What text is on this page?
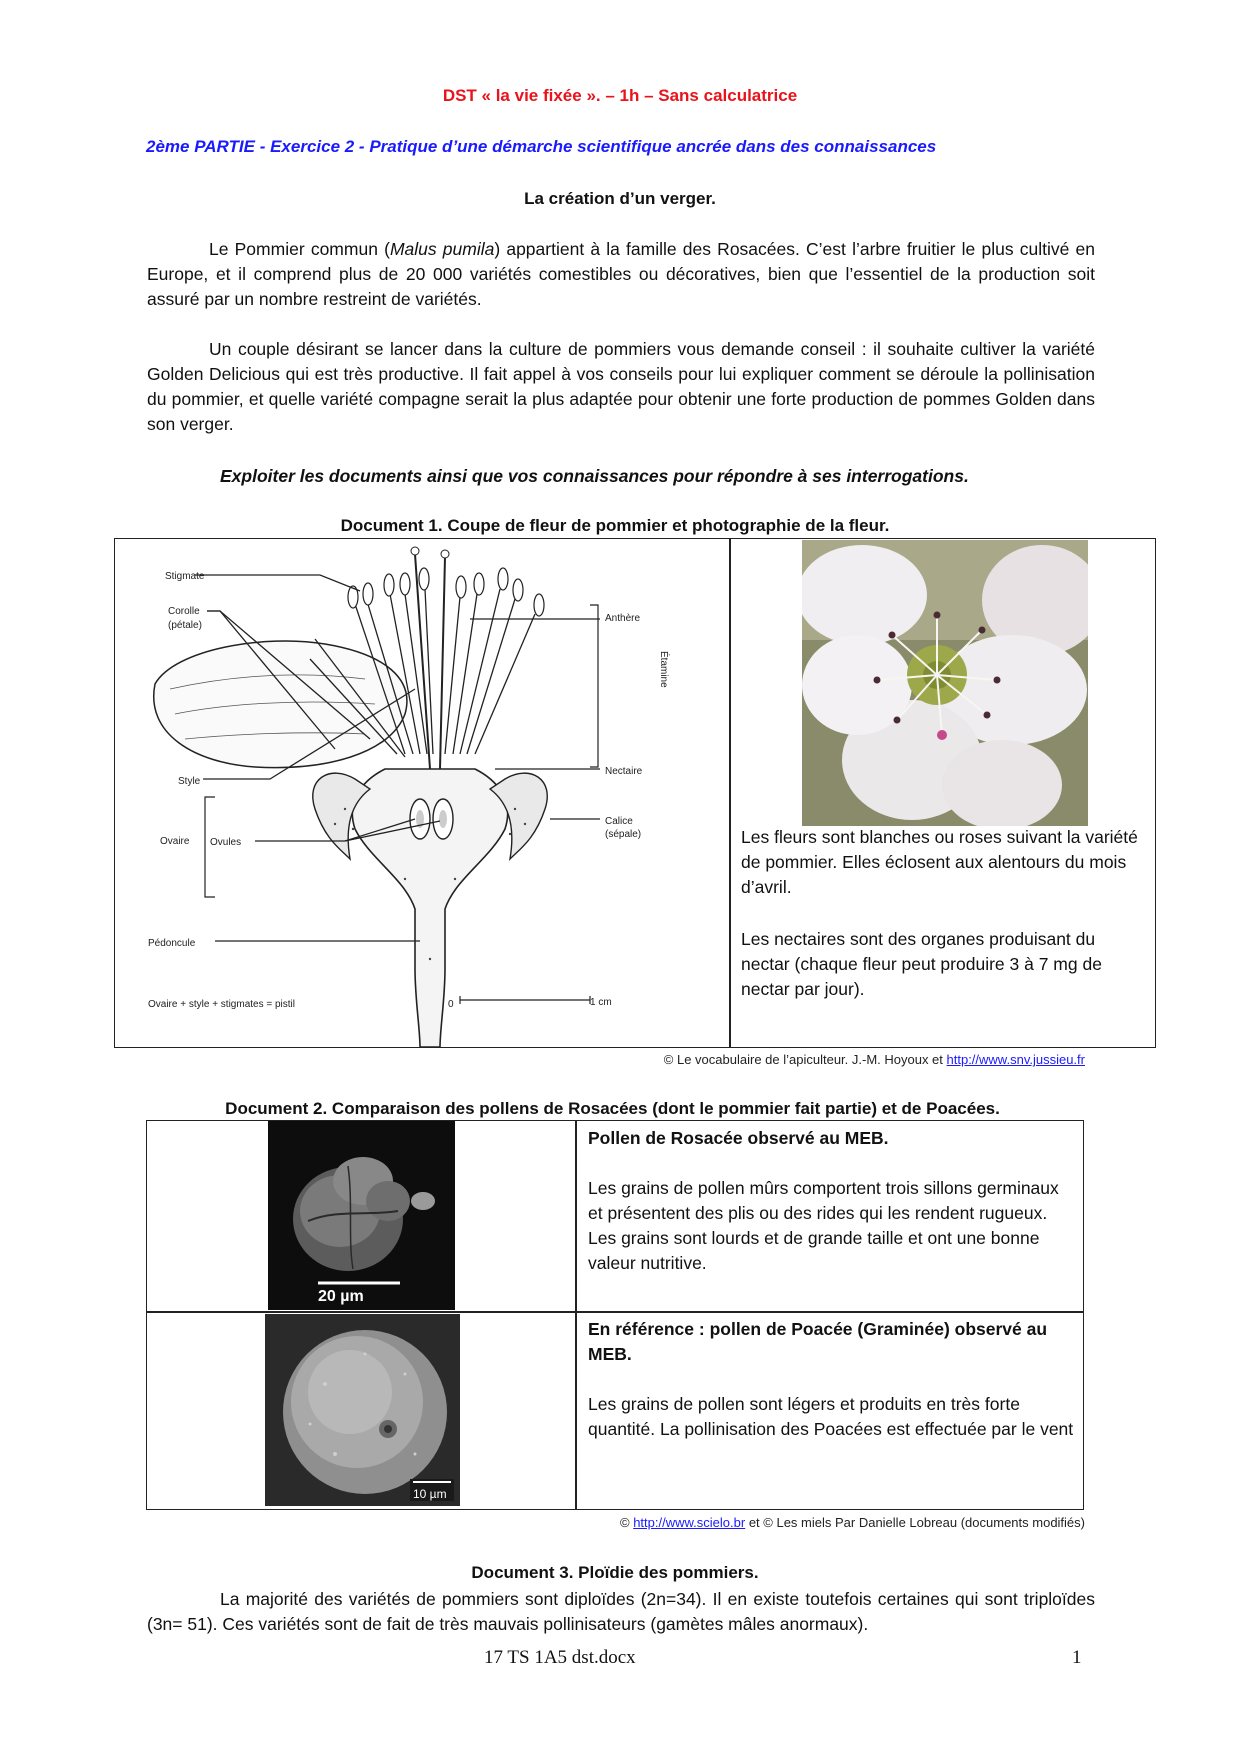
DST « la vie fixée ». – 1h – Sans calculatrice
2ème PARTIE - Exercice 2 - Pratique d’une démarche scientifique ancrée dans des connaissances
La création d’un verger.
Le Pommier commun (Malus pumila) appartient à la famille des Rosacées. C’est l’arbre fruitier le plus cultivé en Europe, et il comprend plus de 20 000 variétés comestibles ou décoratives, bien que l’essentiel de la production soit assuré par un nombre restreint de variétés.
Un couple désirant se lancer dans la culture de pommiers vous demande conseil : il souhaite cultiver la variété Golden Delicious qui est très productive. Il fait appel à vos conseils pour lui expliquer comment se déroule la pollinisation du pommier, et quelle variété compagne serait la plus adaptée pour obtenir une forte production de pommes Golden dans son verger.
Exploiter les documents ainsi que vos connaissances pour répondre à ses interrogations.
Document 1. Coupe de fleur de pommier et photographie de la fleur.
Stigmate
Corolle
(pétale)
Anthère
Étamine
Nectaire
Style
Calice
(sépale)
Ovaire Ovules
Pédoncule
Ovaire + style + stigmates = pistil	0	1 cm
Les fleurs sont blanches ou roses suivant la variété de pommier. Elles éclosent aux alentours du mois d’avril.
Les nectaires sont des organes produisant du nectar (chaque fleur peut produire 3 à 7 mg de nectar par jour).
© Le vocabulaire de l’apiculteur. J.-M. Hoyoux et http://www.snv.jussieu.fr
Document 2. Comparaison des pollens de Rosacées (dont le pommier fait partie) et de Poacées.
20 µm
10 µm
Pollen de Rosacée observé au MEB.
Les grains de pollen mûrs comportent trois sillons germinaux et présentent des plis ou des rides qui les rendent rugueux. Les grains sont lourds et de grande taille et ont une bonne valeur nutritive.
En référence : pollen de Poacée (Graminée) observé au MEB.
Les grains de pollen sont légers et produits en très forte quantité. La pollinisation des Poacées est effectuée par le vent
© http://www.scielo.br et © Les miels Par Danielle Lobreau (documents modifiés)
Document 3. Ploïdie des pommiers.
La majorité des variétés de pommiers sont diploïdes (2n=34). Il en existe toutefois certaines qui sont triploïdes (3n= 51). Ces variétés sont de fait de très mauvais pollinisateurs (gamètes mâles anormaux).
17 TS 1A5 dst.docx	1
